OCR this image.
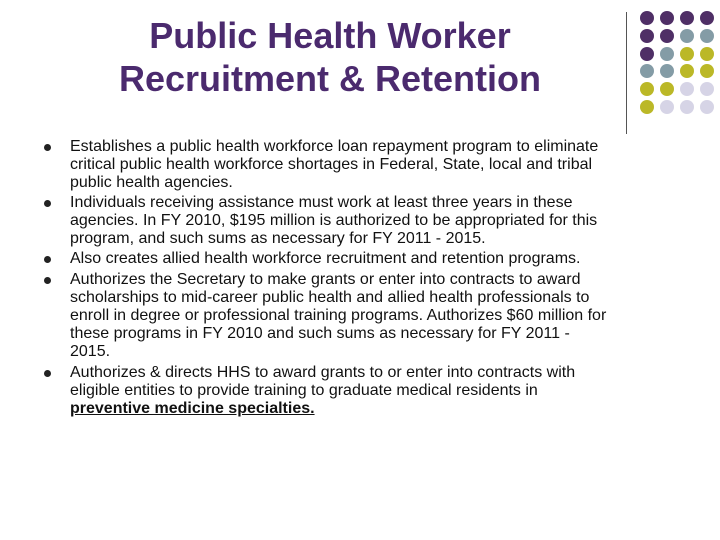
Public Health Worker
Recruitment & Retention

Establishes a public health workforce loan repayment program to eliminate
critical public health workforce shortages in Federal, State, local and tribal
public health agencies.

Individuals receiving assistance must work at least three years in these
agencies. In FY 2010, $195 million is authorized to be appropriated for this
program, and such sums as necessary for FY 2011 - 2015.

Also creates allied health workforce recruitment and retention programs.

Authorizes the Secretary to make grants or enter into contracts to award
scholarships to mid-career public health and allied health professionals to
enroll in degree or professional training programs. Authorizes $60 million for
these programs in FY 2010 and such sums as necessary for FY 2011 -
2015.

Authorizes & directs HHS to award grants to or enter into contracts with
eligible entities to provide training to graduate medical residents in
preventive medicine specialties.
